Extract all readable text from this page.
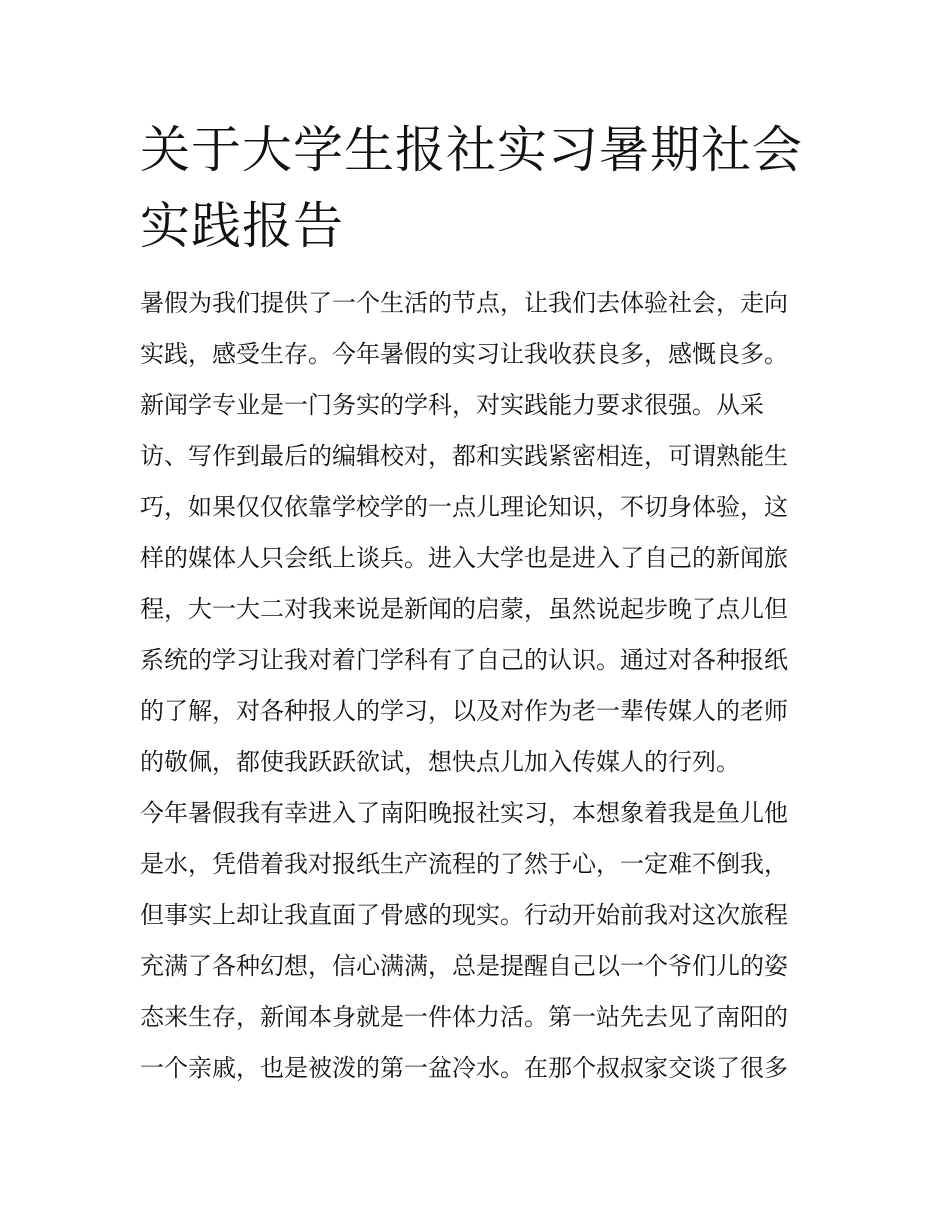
关于大学生报社实习暑期社会
实践报告
暑假为我们提供了一个生活的节点，让我们去体验社会，走向
实践，感受生存。今年暑假的实习让我收获良多，感慨良多。
新闻学专业是一门务实的学科，对实践能力要求很强。从采
访、写作到最后的编辑校对，都和实践紧密相连，可谓熟能生
巧，如果仅仅依靠学校学的一点儿理论知识，不切身体验，这
样的媒体人只会纸上谈兵。进入大学也是进入了自己的新闻旅
程，大一大二对我来说是新闻的启蒙，虽然说起步晚了点儿但
系统的学习让我对着门学科有了自己的认识。通过对各种报纸
的了解，对各种报人的学习，以及对作为老一辈传媒人的老师
的敬佩，都使我跃跃欲试，想快点儿加入传媒人的行列。
今年暑假我有幸进入了南阳晚报社实习，本想象着我是鱼儿他
是水，凭借着我对报纸生产流程的了然于心，一定难不倒我，
但事实上却让我直面了骨感的现实。行动开始前我对这次旅程
充满了各种幻想，信心满满，总是提醒自己以一个爷们儿的姿
态来生存，新闻本身就是一件体力活。第一站先去见了南阳的
一个亲戚，也是被泼的第一盆冷水。在那个叔叔家交谈了很多
